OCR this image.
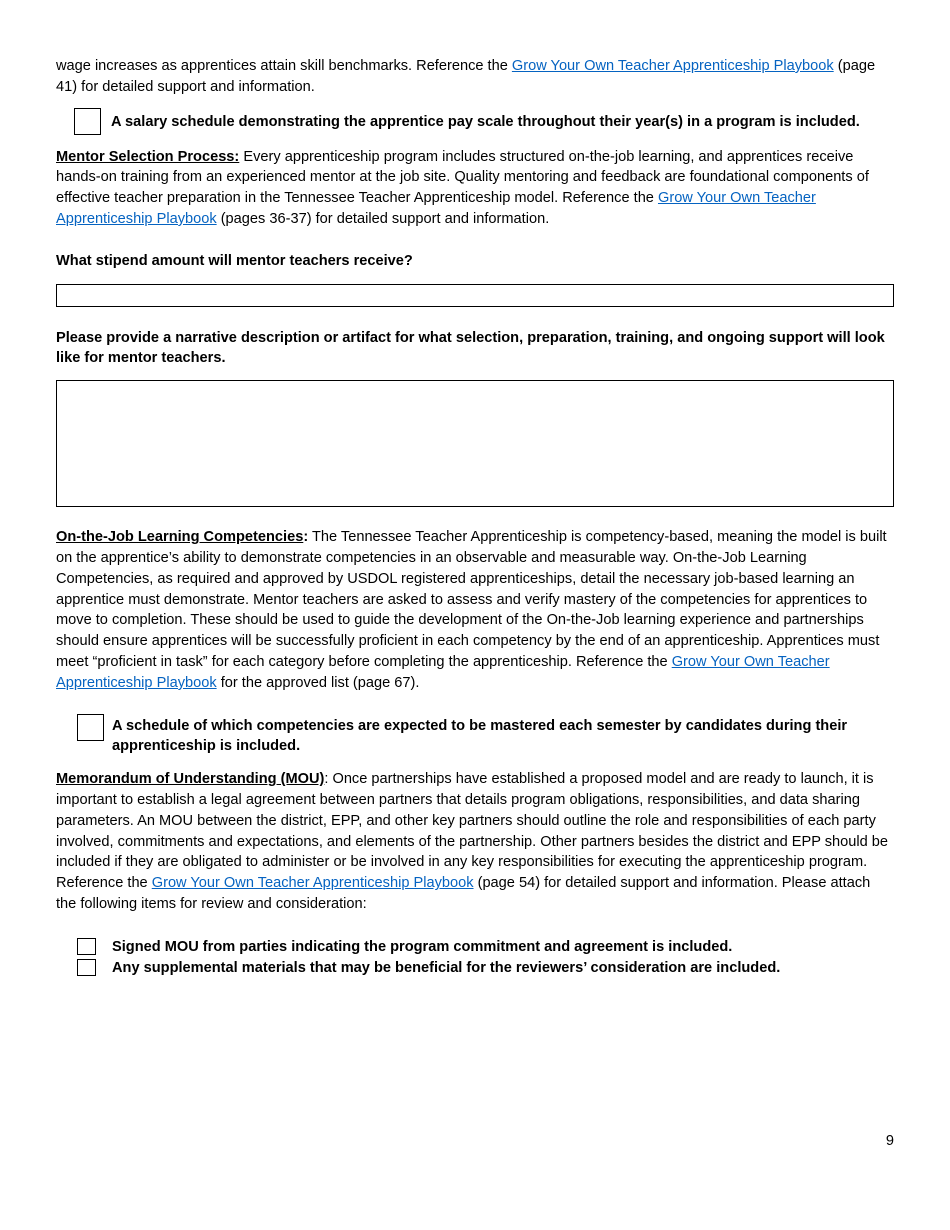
wage increases as apprentices attain skill benchmarks. Reference the Grow Your Own Teacher Apprenticeship Playbook (page 41) for detailed support and information.

A salary schedule demonstrating the apprentice pay scale throughout their year(s) in a program is included.

Mentor Selection Process: Every apprenticeship program includes structured on-the-job learning, and apprentices receive hands-on training from an experienced mentor at the job site. Quality mentoring and feedback are foundational components of effective teacher preparation in the Tennessee Teacher Apprenticeship model. Reference the Grow Your Own Teacher Apprenticeship Playbook (pages 36-37) for detailed support and information.

What stipend amount will mentor teachers receive?

Please provide a narrative description or artifact for what selection, preparation, training, and ongoing support will look like for mentor teachers.

On-the-Job Learning Competencies: The Tennessee Teacher Apprenticeship is competency-based, meaning the model is built on the apprentice’s ability to demonstrate competencies in an observable and measurable way. On-the-Job Learning Competencies, as required and approved by USDOL registered apprenticeships, detail the necessary job-based learning an apprentice must demonstrate. Mentor teachers are asked to assess and verify mastery of the competencies for apprentices to move to completion. These should be used to guide the development of the On-the-Job learning experience and partnerships should ensure apprentices will be successfully proficient in each competency by the end of an apprenticeship. Apprentices must meet “proficient in task” for each category before completing the apprenticeship. Reference the Grow Your Own Teacher Apprenticeship Playbook for the approved list (page 67).

A schedule of which competencies are expected to be mastered each semester by candidates during their apprenticeship is included.

Memorandum of Understanding (MOU): Once partnerships have established a proposed model and are ready to launch, it is important to establish a legal agreement between partners that details program obligations, responsibilities, and data sharing parameters. An MOU between the district, EPP, and other key partners should outline the role and responsibilities of each party involved, commitments and expectations, and elements of the partnership. Other partners besides the district and EPP should be included if they are obligated to administer or be involved in any key responsibilities for executing the apprenticeship program. Reference the Grow Your Own Teacher Apprenticeship Playbook (page 54) for detailed support and information. Please attach the following items for review and consideration:

Signed MOU from parties indicating the program commitment and agreement is included.

Any supplemental materials that may be beneficial for the reviewers’ consideration are included.

9
